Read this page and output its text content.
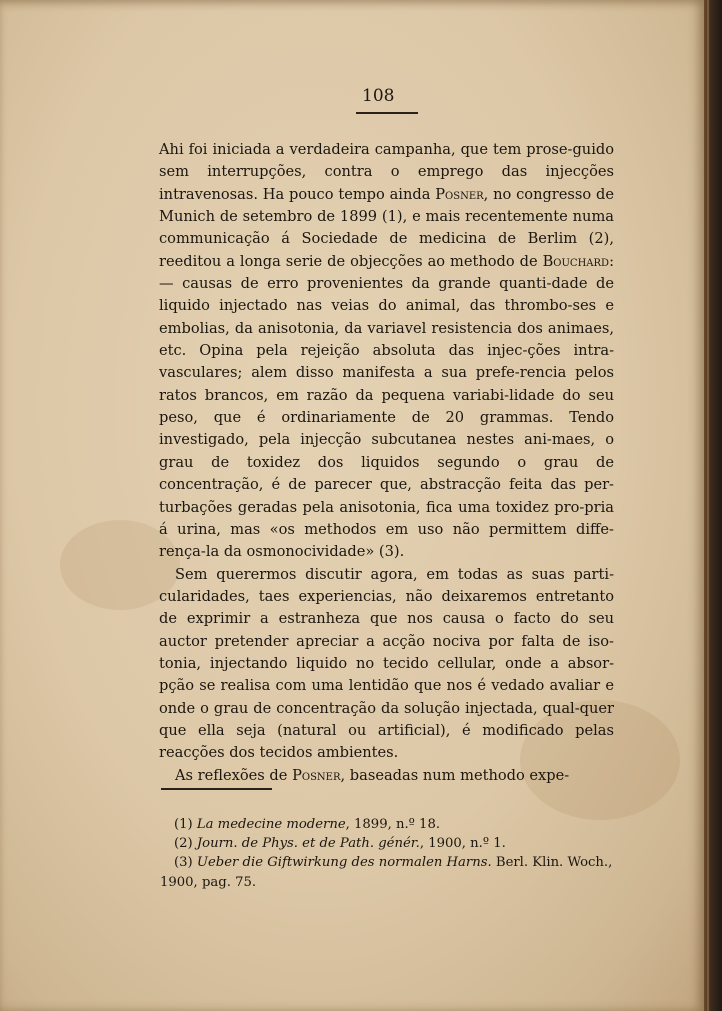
108

Ahi foi iniciada a verdadeira campanha, que tem prose-guido sem interrupções, contra o emprego das injecções intravenosas. Ha pouco tempo ainda Posner, no congresso de Munich de setembro de 1899 (1), e mais recentemente numa communicação á Sociedade de medicina de Berlim (2), reeditou a longa serie de objecções ao methodo de Bouchard: — causas de erro provenientes da grande quanti-dade de liquido injectado nas veias do animal, das thrombo-ses e embolias, da anisotonia, da variavel resistencia dos animaes, etc. Opina pela rejeição absoluta das injec-ções intra-vasculares; alem disso manifesta a sua prefe-rencia pelos ratos brancos, em razão da pequena variabi-lidade do seu peso, que é ordinariamente de 20 grammas. Tendo investigado, pela injecção subcutanea nestes ani-maes, o grau de toxidez dos liquidos segundo o grau de concentração, é de parecer que, abstracção feita das per-turbações geradas pela anisotonia, fica uma toxidez pro-pria á urina, mas «os methodos em uso não permittem diffe-rença-la da osmonocividade» (3).

Sem querermos discutir agora, em todas as suas parti-cularidades, taes experiencias, não deixaremos entretanto de exprimir a estranheza que nos causa o facto do seu auctor pretender apreciar a acção nociva por falta de iso-tonia, injectando liquido no tecido cellular, onde a absor-pção se realisa com uma lentidão que nos é vedado avaliar e onde o grau de concentração da solução injectada, qual-quer que ella seja (natural ou artificial), é modificado pelas reacções dos tecidos ambientes.

As reflexões de Posner, baseadas num methodo expe-

(1) La medecine moderne, 1899, n.º 18.

(2) Journ. de Phys. et de Path. génér., 1900, n.º 1.

(3) Ueber die Giftwirkung des normalen Harns. Berl. Klin. Woch., 1900, pag. 75.
